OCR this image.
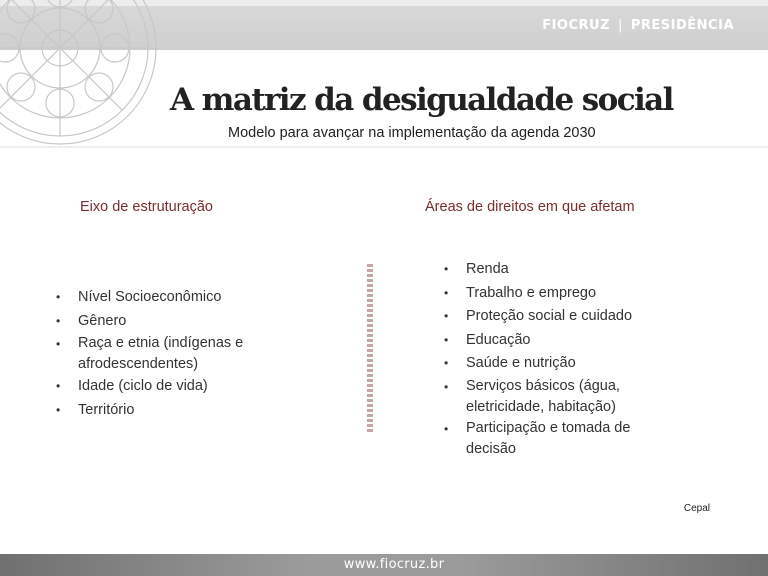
FIOCRUZ | PRESIDÊNCIA
A matriz da desigualdade social
Modelo para avançar na implementação da agenda 2030
Eixo de estruturação	Áreas de direitos em que afetam
• Nível Socioeconômico
• Gênero
• Raça e etnia (indígenas e afrodescendentes)
• Idade (ciclo de vida)
• Território
• Renda
• Trabalho e emprego
• Proteção social e cuidado
• Educação
• Saúde e nutrição
• Serviços básicos (água, eletricidade, habitação)
• Participação e tomada de decisão
Cepal
www.fiocruz.br
